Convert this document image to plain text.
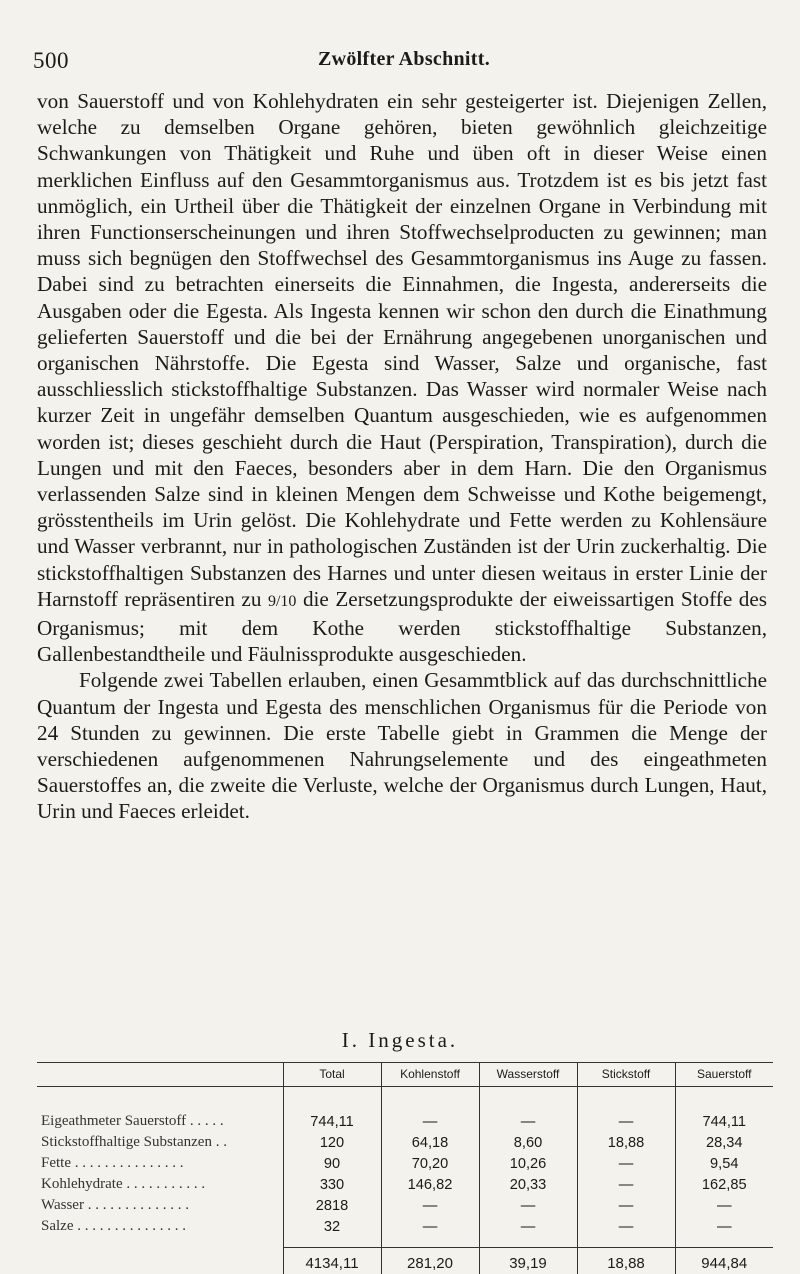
500	Zwölfter Abschnitt.

von Sauerstoff und von Kohlehydraten ein sehr gesteigerter ist. Diejenigen Zellen, welche zu demselben Organe gehören, bieten gewöhnlich gleichzeitige Schwankungen von Thätigkeit und Ruhe und üben oft in dieser Weise einen merklichen Einfluss auf den Gesammtorganismus aus. Trotzdem ist es bis jetzt fast unmöglich, ein Urtheil über die Thätigkeit der einzelnen Organe in Verbindung mit ihren Functionserscheinungen und ihren Stoffwechselproducten zu gewinnen; man muss sich begnügen den Stoffwechsel des Gesammtorganismus ins Auge zu fassen. Dabei sind zu betrachten einerseits die Einnahmen, die Ingesta, andererseits die Ausgaben oder die Egesta. Als Ingesta kennen wir schon den durch die Einathmung gelieferten Sauerstoff und die bei der Ernährung angegebenen unorganischen und organischen Nährstoffe. Die Egesta sind Wasser, Salze und organische, fast ausschliesslich stickstoffhaltige Substanzen. Das Wasser wird normaler Weise nach kurzer Zeit in ungefähr demselben Quantum ausgeschieden, wie es aufgenommen worden ist; dieses geschieht durch die Haut (Perspiration, Transpiration), durch die Lungen und mit den Faeces, besonders aber in dem Harn. Die den Organismus verlassenden Salze sind in kleinen Mengen dem Schweisse und Kothe beigemengt, grösstentheils im Urin gelöst. Die Kohlehydrate und Fette werden zu Kohlensäure und Wasser verbrannt, nur in pathologischen Zuständen ist der Urin zuckerhaltig. Die stickstoffhaltigen Substanzen des Harnes und unter diesen weitaus in erster Linie der Harnstoff repräsentiren zu 9/10 die Zersetzungsprodukte der eiweissartigen Stoffe des Organismus; mit dem Kothe werden stickstoffhaltige Substanzen, Gallenbestandtheile und Fäulnissprodukte ausgeschieden.

Folgende zwei Tabellen erlauben, einen Gesammtblick auf das durchschnittliche Quantum der Ingesta und Egesta des menschlichen Organismus für die Periode von 24 Stunden zu gewinnen. Die erste Tabelle giebt in Grammen die Menge der verschiedenen aufgenommenen Nahrungselemente und des eingeathmeten Sauerstoffes an, die zweite die Verluste, welche der Organismus durch Lungen, Haut, Urin und Faeces erleidet.

I. Ingesta.
	Total	Kohlenstoff	Wasserstoff	Stickstoff	Sauerstoff
Eigeathmeter Sauerstoff . . . . .	744,11	—	—	—	744,11
Stickstoffhaltige Substanzen . .	120	64,18	8,60	18,88	28,34
Fette . . . . . . . . . . . . . . .	90	70,20	10,26	—	9,54
Kohlehydrate . . . . . . . . . . .	330	146,82	20,33	—	162,85
Wasser . . . . . . . . . . . . . .	2818	—	—	—	—
Salze . . . . . . . . . . . . . . .	32	—	—	—	—
	4134,11	281,20	39,19	18,88	944,84
